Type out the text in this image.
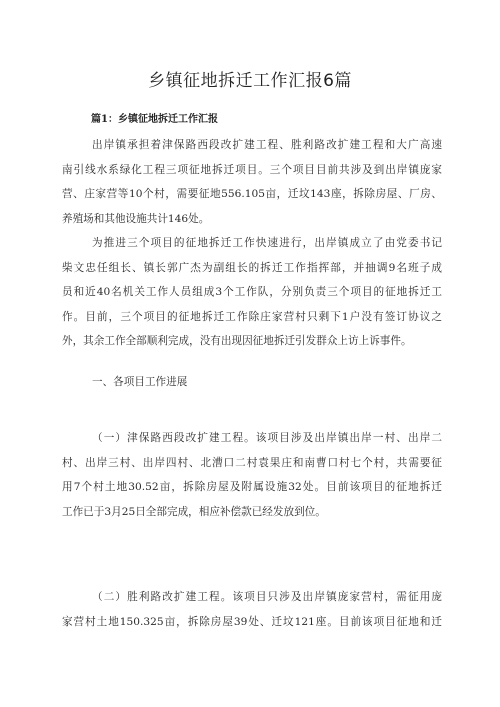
乡镇征地拆迁工作汇报6篇
篇1：乡镇征地拆迁工作汇报
出岸镇承担着津保路西段改扩建工程、胜利路改扩建工程和大广高速
南引线水系绿化工程三项征地拆迁项目。三个项目目前共涉及到出岸镇庞家
营、庄家营等10个村，需要征地556.105亩，迁坟143座，拆除房屋、厂房、
养殖场和其他设施共计146处。
为推进三个项目的征地拆迁工作快速进行，出岸镇成立了由党委书记
柴文忠任组长、镇长郭广杰为副组长的拆迁工作指挥部，并抽调9名班子成
员和近40名机关工作人员组成3个工作队，分别负责三个项目的征地拆迁工
作。目前，三个项目的征地拆迁工作除庄家营村只剩下1户没有签订协议之
外，其余工作全部顺利完成，没有出现因征地拆迁引发群众上访上诉事件。
一、各项目工作进展
（一）津保路西段改扩建工程。该项目涉及出岸镇出岸一村、出岸二
村、出岸三村、出岸四村、北漕口二村袁果庄和南曹口村七个村，共需要征
用7个村土地30.52亩，拆除房屋及附属设施32处。目前该项目的征地拆迁
工作已于3月25日全部完成，相应补偿款已经发放到位。
（二）胜利路改扩建工程。该项目只涉及出岸镇庞家营村，需征用庞
家营村土地150.325亩，拆除房屋39处、迁坟121座。目前该项目征地和迁
